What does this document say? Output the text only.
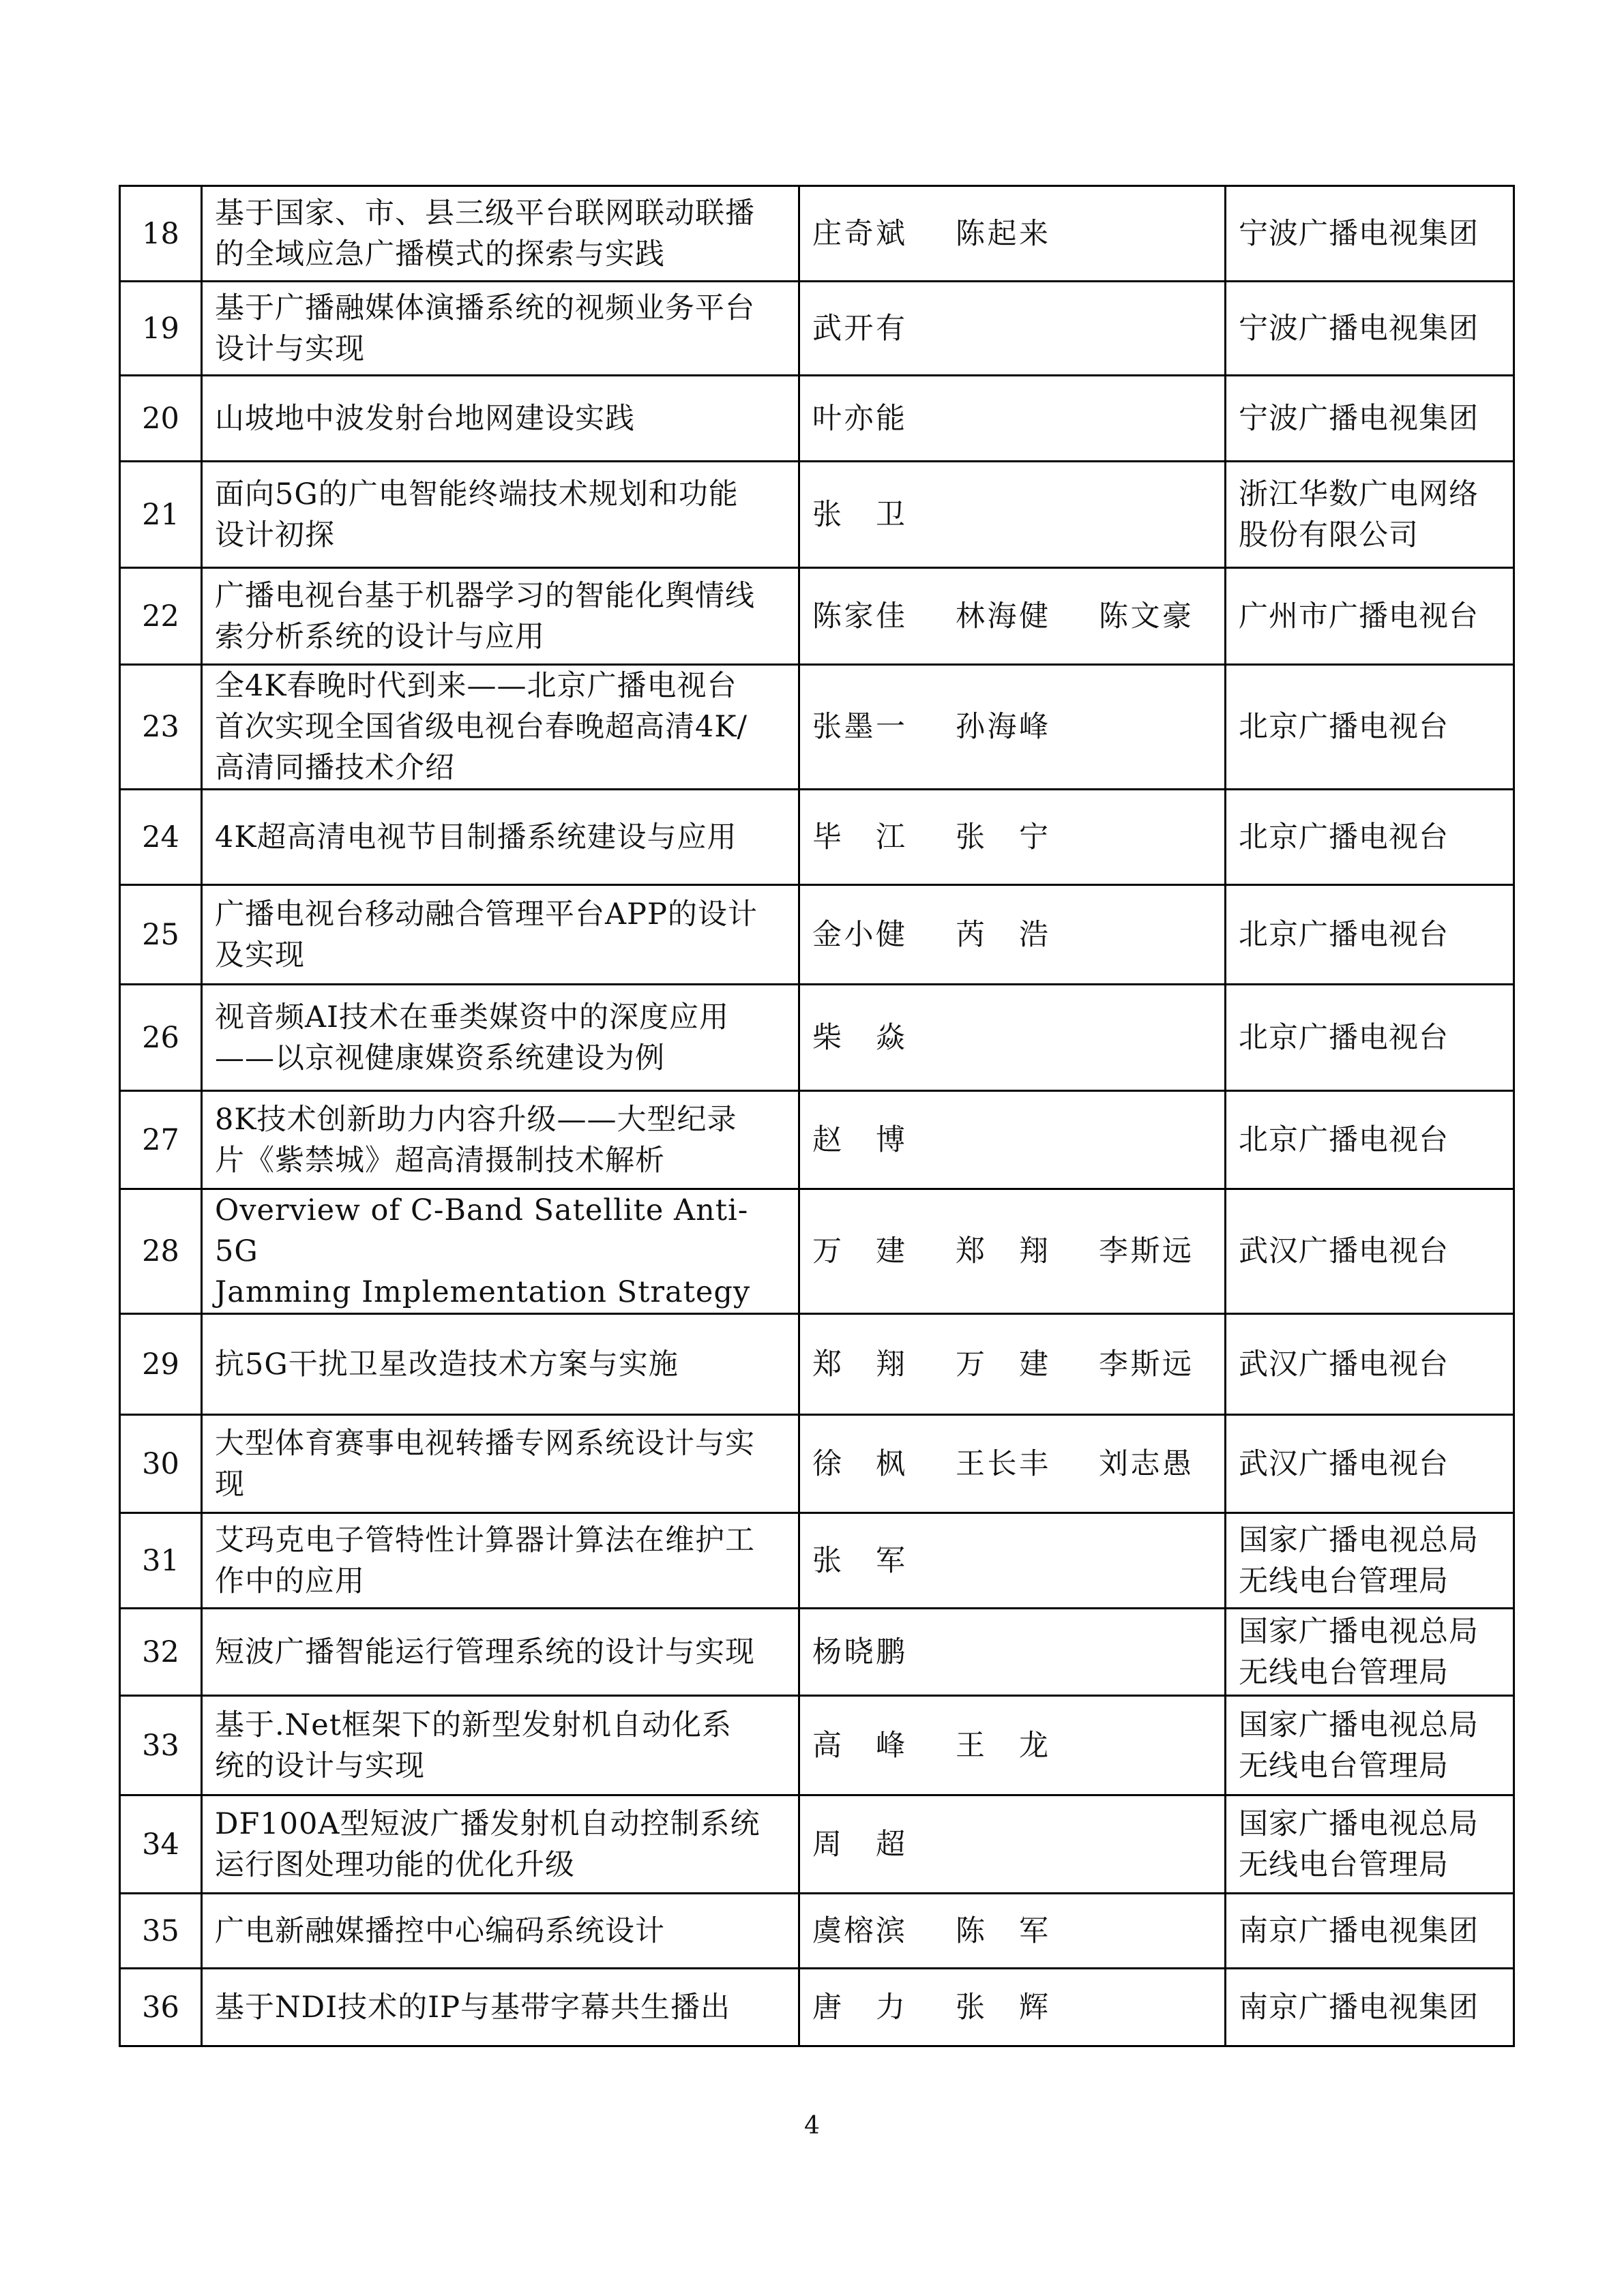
18	基于国家、市、县三级平台联网联动联播
的全域应急广播模式的探索与实践	庄奇斌 陈起来	宁波广播电视集团

19	基于广播融媒体演播系统的视频业务平台
设计与实现	武开有	宁波广播电视集团

20	山坡地中波发射台地网建设实践	叶亦能	宁波广播电视集团

21	面向5G的广电智能终端技术规划和功能
设计初探	张 卫	浙江华数广电网络
股份有限公司

22	广播电视台基于机器学习的智能化舆情线
索分析系统的设计与应用	陈家佳 林海健 陈文豪	广州市广播电视台

23	全4K春晚时代到来——北京广播电视台
首次实现全国省级电视台春晚超高清4K/
高清同播技术介绍	张墨一 孙海峰	北京广播电视台

24	4K超高清电视节目制播系统建设与应用	毕 江 张 宁	北京广播电视台

25	广播电视台移动融合管理平台APP的设计
及实现	金小健 芮 浩	北京广播电视台

26	视音频AI技术在垂类媒资中的深度应用
——以京视健康媒资系统建设为例	柴 焱	北京广播电视台

27	8K技术创新助力内容升级——大型纪录
片《紫禁城》超高清摄制技术解析	赵 博	北京广播电视台

28	Overview of C-Band Satellite Anti-5G
Jamming Implementation Strategy	万 建 郑 翔 李斯远	武汉广播电视台

29	抗5G干扰卫星改造技术方案与实施	郑 翔 万 建 李斯远	武汉广播电视台

30	大型体育赛事电视转播专网系统设计与实
现	徐 枫 王长丰 刘志愚	武汉广播电视台

31	艾玛克电子管特性计算器计算法在维护工
作中的应用	张 军	国家广播电视总局
无线电台管理局

32	短波广播智能运行管理系统的设计与实现	杨晓鹏	国家广播电视总局
无线电台管理局

33	基于.Net框架下的新型发射机自动化系
统的设计与实现	高 峰 王 龙	国家广播电视总局
无线电台管理局

34	DF100A型短波广播发射机自动控制系统
运行图处理功能的优化升级	周 超	国家广播电视总局
无线电台管理局

35	广电新融媒播控中心编码系统设计	虞榕滨 陈 军	南京广播电视集团

36	基于NDI技术的IP与基带字幕共生播出	唐 力 张 辉	南京广播电视集团
4
